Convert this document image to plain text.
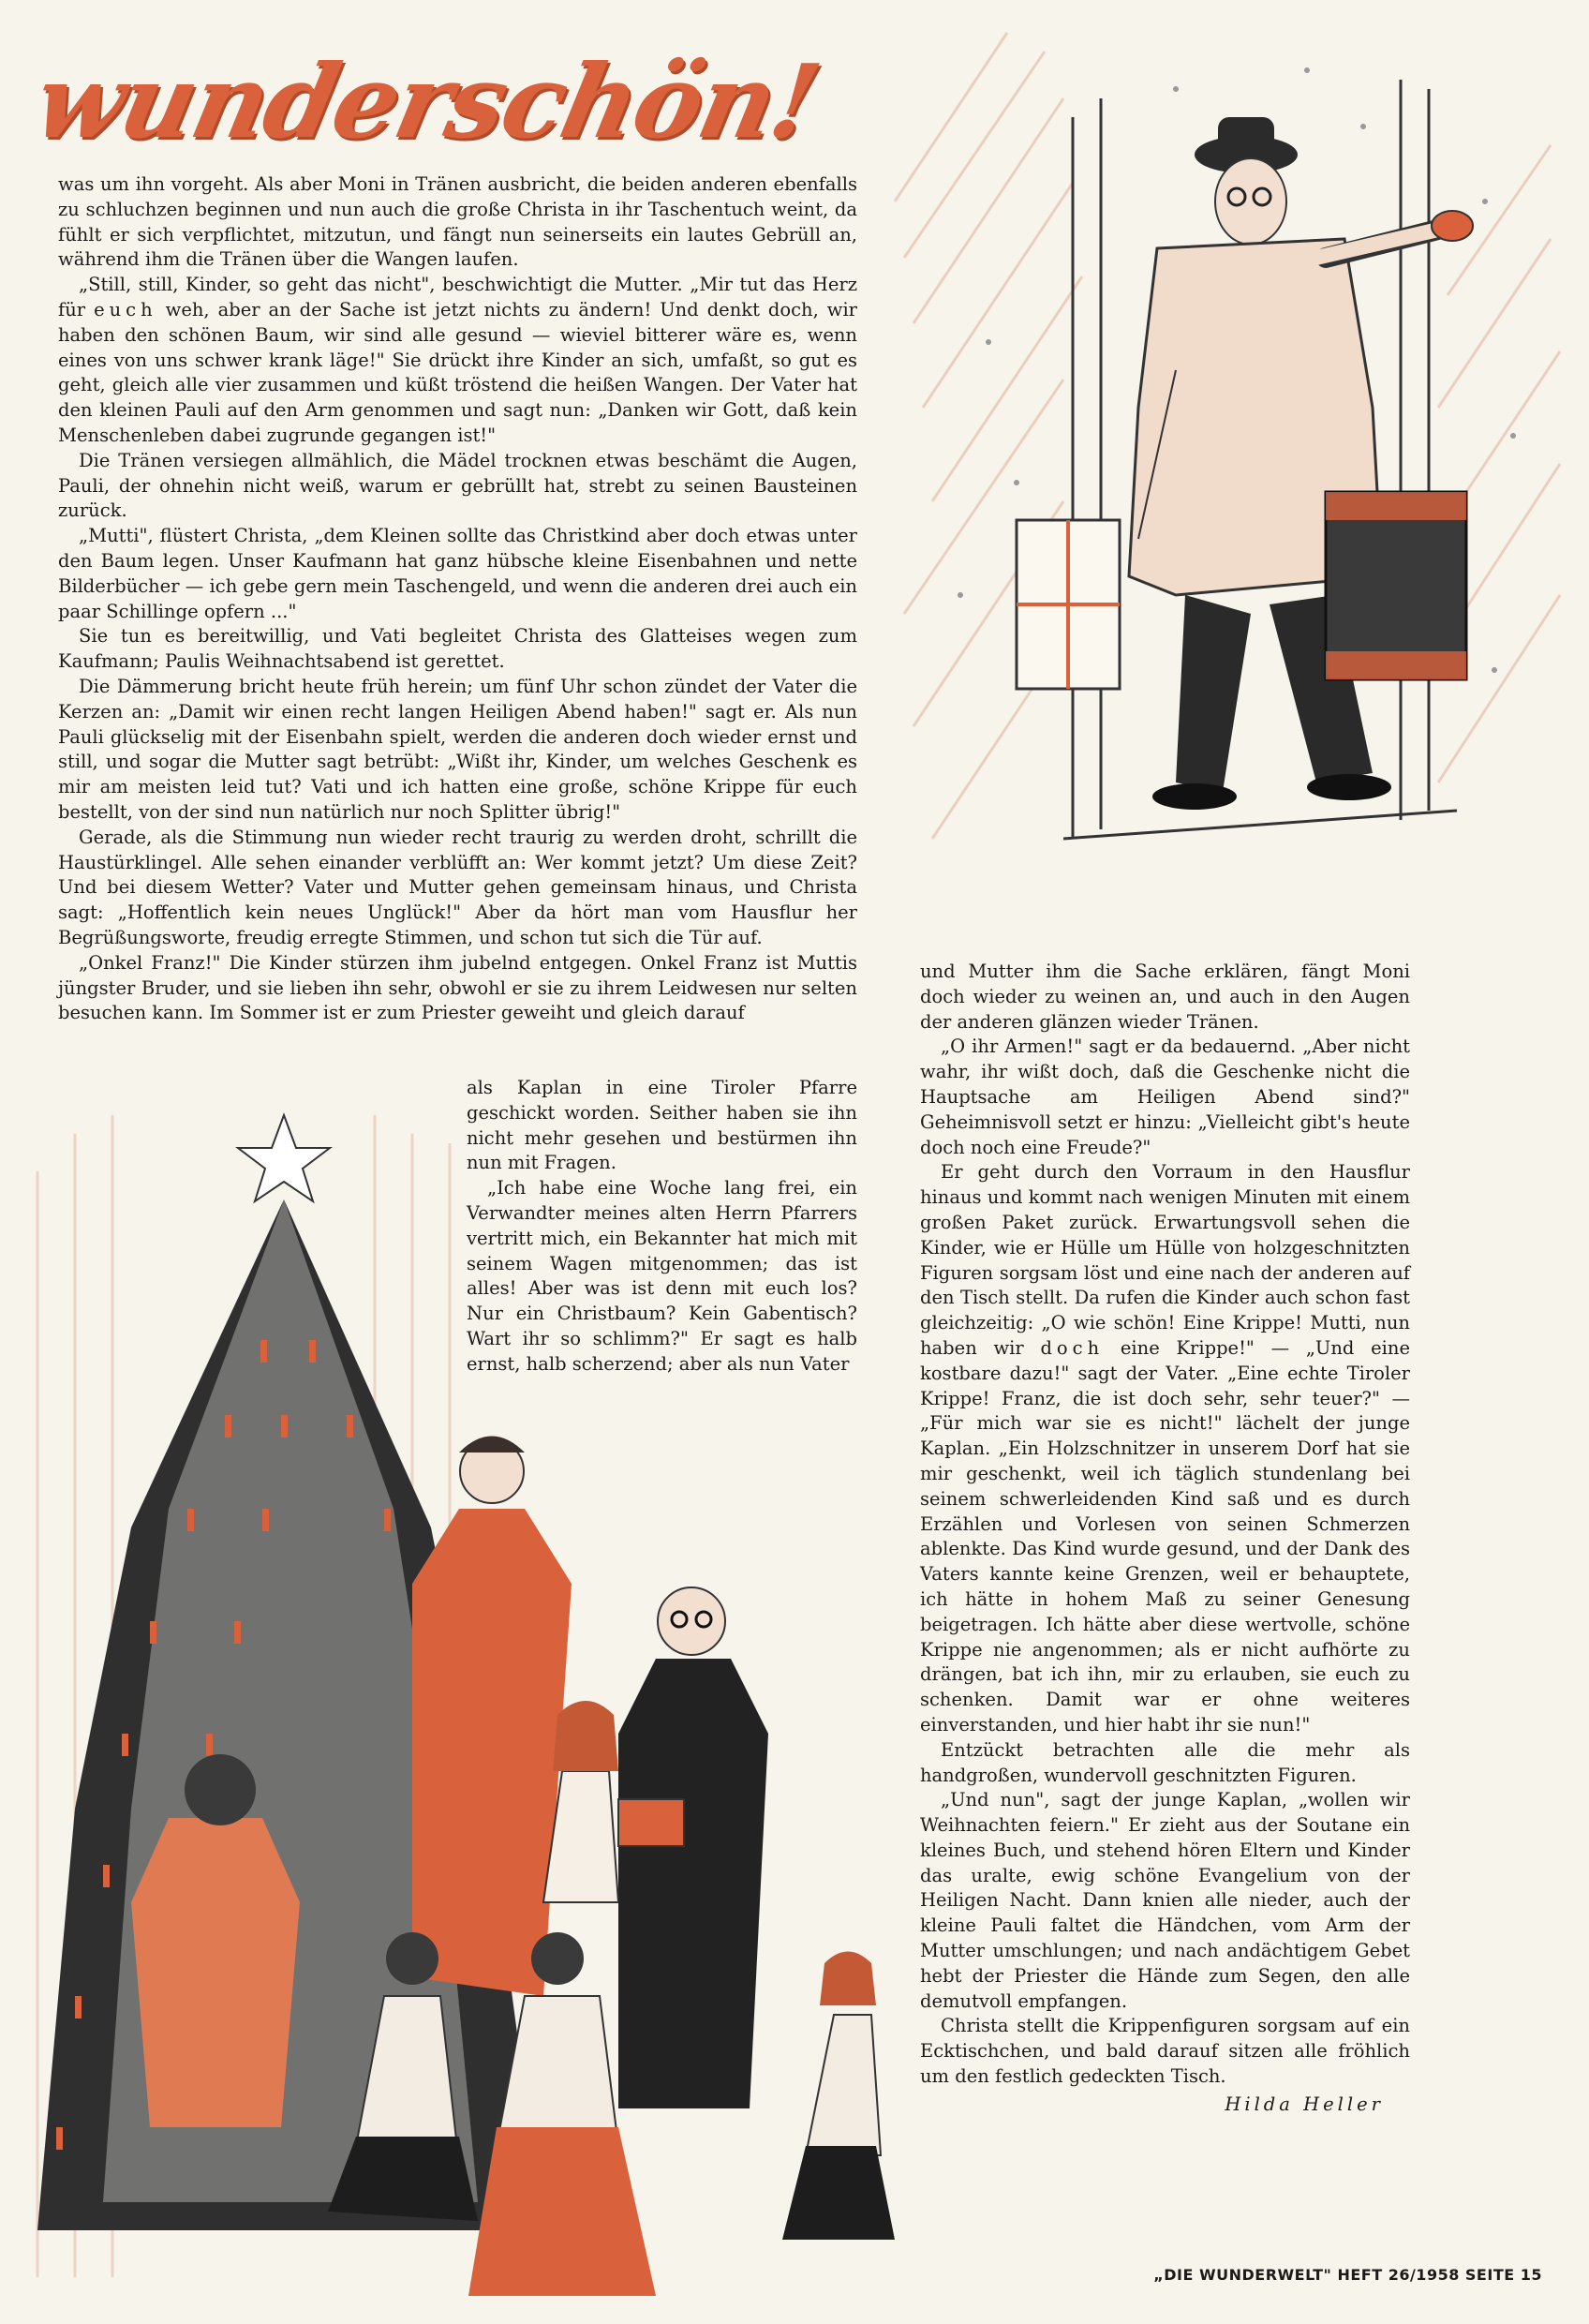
wunderschön!

was um ihn vorgeht. Als aber Moni in Tränen ausbricht, die beiden anderen ebenfalls zu schluchzen beginnen und nun auch die große Christa in ihr Taschentuch weint, da fühlt er sich verpflichtet, mitzutun, und fängt nun seinerseits ein lautes Gebrüll an, während ihm die Tränen über die Wangen laufen.

„Still, still, Kinder, so geht das nicht", beschwichtigt die Mutter. „Mir tut das Herz für euch weh, aber an der Sache ist jetzt nichts zu ändern! Und denkt doch, wir haben den schönen Baum, wir sind alle gesund — wieviel bitterer wäre es, wenn eines von uns schwer krank läge!" Sie drückt ihre Kinder an sich, umfaßt, so gut es geht, gleich alle vier zusammen und küßt tröstend die heißen Wangen. Der Vater hat den kleinen Pauli auf den Arm genommen und sagt nun: „Danken wir Gott, daß kein Menschenleben dabei zugrunde gegangen ist!"

Die Tränen versiegen allmählich, die Mädel trocknen etwas beschämt die Augen, Pauli, der ohnehin nicht weiß, warum er gebrüllt hat, strebt zu seinen Bausteinen zurück.

„Mutti", flüstert Christa, „dem Kleinen sollte das Christkind aber doch etwas unter den Baum legen. Unser Kaufmann hat ganz hübsche kleine Eisenbahnen und nette Bilderbücher — ich gebe gern mein Taschengeld, und wenn die anderen drei auch ein paar Schillinge opfern ..."

Sie tun es bereitwillig, und Vati begleitet Christa des Glatteises wegen zum Kaufmann; Paulis Weihnachtsabend ist gerettet.

Die Dämmerung bricht heute früh herein; um fünf Uhr schon zündet der Vater die Kerzen an: „Damit wir einen recht langen Heiligen Abend haben!" sagt er. Als nun Pauli glückselig mit der Eisenbahn spielt, werden die anderen doch wieder ernst und still, und sogar die Mutter sagt betrübt: „Wißt ihr, Kinder, um welches Geschenk es mir am meisten leid tut? Vati und ich hatten eine große, schöne Krippe für euch bestellt, von der sind nun natürlich nur noch Splitter übrig!"

Gerade, als die Stimmung nun wieder recht traurig zu werden droht, schrillt die Haustürklingel. Alle sehen einander verblüfft an: Wer kommt jetzt? Um diese Zeit? Und bei diesem Wetter? Vater und Mutter gehen gemeinsam hinaus, und Christa sagt: „Hoffentlich kein neues Unglück!" Aber da hört man vom Hausflur her Begrüßungsworte, freudig erregte Stimmen, und schon tut sich die Tür auf.

„Onkel Franz!" Die Kinder stürzen ihm jubelnd entgegen. Onkel Franz ist Muttis jüngster Bruder, und sie lieben ihn sehr, obwohl er sie zu ihrem Leidwesen nur selten besuchen kann. Im Sommer ist er zum Priester geweiht und gleich darauf

als Kaplan in eine Tiroler Pfarre geschickt worden. Seither haben sie ihn nicht mehr gesehen und bestürmen ihn nun mit Fragen.

„Ich habe eine Woche lang frei, ein Verwandter meines alten Herrn Pfarrers vertritt mich, ein Bekannter hat mich mit seinem Wagen mitgenommen; das ist alles! Aber was ist denn mit euch los? Nur ein Christbaum? Kein Gabentisch? Wart ihr so schlimm?" Er sagt es halb ernst, halb scherzend; aber als nun Vater

und Mutter ihm die Sache erklären, fängt Moni doch wieder zu weinen an, und auch in den Augen der anderen glänzen wieder Tränen.

„O ihr Armen!" sagt er da bedauernd. „Aber nicht wahr, ihr wißt doch, daß die Geschenke nicht die Hauptsache am Heiligen Abend sind?" Geheimnisvoll setzt er hinzu: „Vielleicht gibt's heute doch noch eine Freude?"

Er geht durch den Vorraum in den Hausflur hinaus und kommt nach wenigen Minuten mit einem großen Paket zurück. Erwartungsvoll sehen die Kinder, wie er Hülle um Hülle von holzgeschnitzten Figuren sorgsam löst und eine nach der anderen auf den Tisch stellt. Da rufen die Kinder auch schon fast gleichzeitig: „O wie schön! Eine Krippe! Mutti, nun haben wir doch eine Krippe!" — „Und eine kostbare dazu!" sagt der Vater. „Eine echte Tiroler Krippe! Franz, die ist doch sehr, sehr teuer?" — „Für mich war sie es nicht!" lächelt der junge Kaplan. „Ein Holzschnitzer in unserem Dorf hat sie mir geschenkt, weil ich täglich stundenlang bei seinem schwerleidenden Kind saß und es durch Erzählen und Vorlesen von seinen Schmerzen ablenkte. Das Kind wurde gesund, und der Dank des Vaters kannte keine Grenzen, weil er behauptete, ich hätte in hohem Maß zu seiner Genesung beigetragen. Ich hätte aber diese wertvolle, schöne Krippe nie angenommen; als er nicht aufhörte zu drängen, bat ich ihn, mir zu erlauben, sie euch zu schenken. Damit war er ohne weiteres einverstanden, und hier habt ihr sie nun!"

Entzückt betrachten alle die mehr als handgroßen, wundervoll geschnitzten Figuren.

„Und nun", sagt der junge Kaplan, „wollen wir Weihnachten feiern." Er zieht aus der Soutane ein kleines Buch, und stehend hören Eltern und Kinder das uralte, ewig schöne Evangelium von der Heiligen Nacht. Dann knien alle nieder, auch der kleine Pauli faltet die Händchen, vom Arm der Mutter umschlungen; und nach andächtigem Gebet hebt der Priester die Hände zum Segen, den alle demutvoll empfangen.

Christa stellt die Krippenfiguren sorgsam auf ein Ecktischchen, und bald darauf sitzen alle fröhlich um den festlich gedeckten Tisch.

Hilda Heller
„DIE WUNDERWELT" HEFT 26/1958 SEITE 15
